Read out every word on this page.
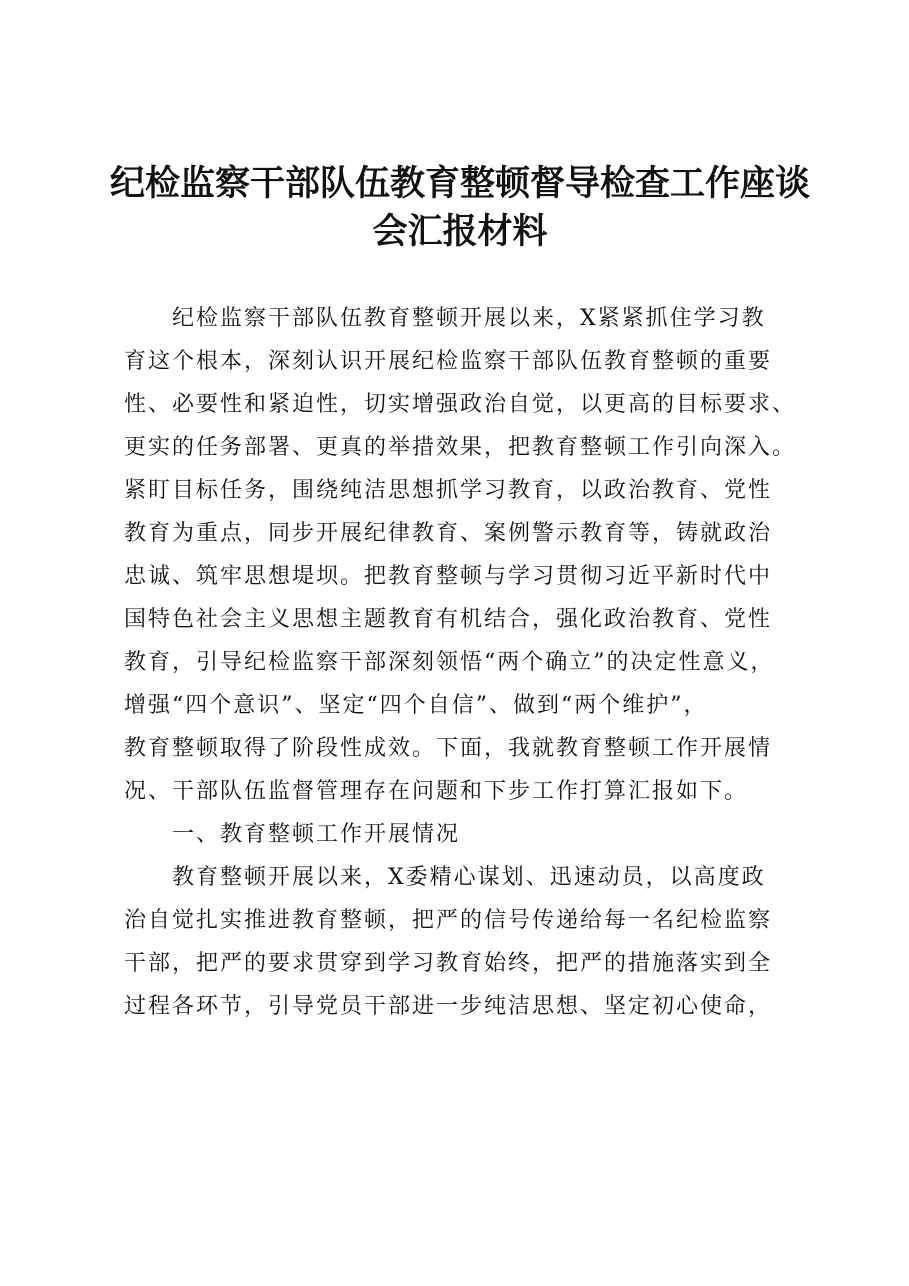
纪检监察干部队伍教育整顿督导检查工作座谈
会汇报材料
纪检监察干部队伍教育整顿开展以来，X紧紧抓住学习教
育这个根本，深刻认识开展纪检监察干部队伍教育整顿的重要
性、必要性和紧迫性，切实增强政治自觉，以更高的目标要求、
更实的任务部署、更真的举措效果，把教育整顿工作引向深入。
紧盯目标任务，围绕纯洁思想抓学习教育，以政治教育、党性
教育为重点，同步开展纪律教育、案例警示教育等，铸就政治
忠诚、筑牢思想堤坝。把教育整顿与学习贯彻习近平新时代中
国特色社会主义思想主题教育有机结合，强化政治教育、党性
教育，引导纪检监察干部深刻领悟“两个确立”的决定性意义，
增强“四个意识”、坚定“四个自信”、做到“两个维护”，
教育整顿取得了阶段性成效。下面，我就教育整顿工作开展情
况、干部队伍监督管理存在问题和下步工作打算汇报如下。
一、教育整顿工作开展情况
教育整顿开展以来，X委精心谋划、迅速动员，以高度政
治自觉扎实推进教育整顿，把严的信号传递给每一名纪检监察
干部，把严的要求贯穿到学习教育始终，把严的措施落实到全
过程各环节，引导党员干部进一步纯洁思想、坚定初心使命，
